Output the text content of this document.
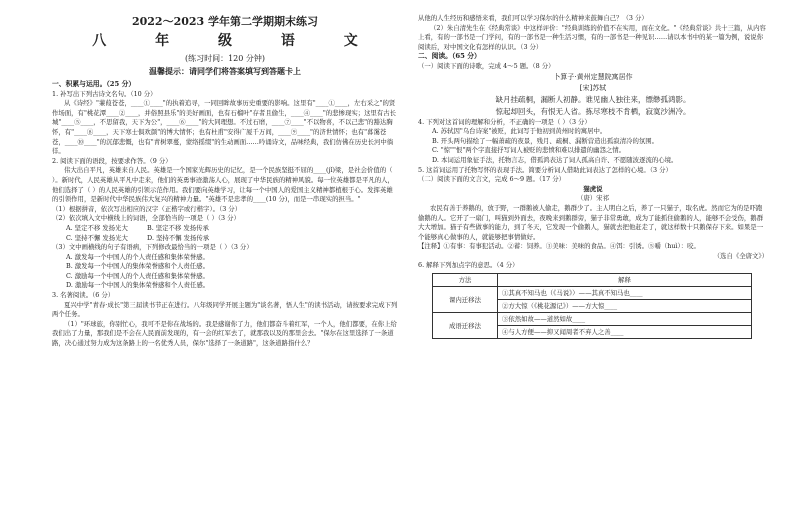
2022～2023 学年第二学期期末练习
八 年 级 语 文
(练习时间：120 分钟)
温馨提示：请同学们将答案填写到答题卡上

一、积累与运用。（25 分）

1. 补写出下列古诗文名句。（10 分）

从《诗经》"蒹葭苍苍，____①____"的执着追寻，一同回眸故事历史重要的影响。这里有"____①____，左右采之"的贤作场面，有"桃花潭____②____，并俗照县乐"的美好画面，也有石榴叶"存者且偷生，____④____"的悲惨现实；这里有古长城"____⑤____，不思留我，天下为公"，____⑥____"的大同理想。不过石磨，____⑦____"不以物喜，不以己悲"的豁达胸怀，有"____⑧____，天下寒士俱欢颜"的博大情怀；也有杜甫"安得广厦千万间，____⑨____"的济世情怀；也有"暮霭苍苍，____⑩____"的沉郁悲慨，也有"青树翠蔓，蒙络摇缀"的生动画面……吟诵诗文，品味经典，我们仿佛在历史长河中徜徉。

2. 阅读下面的语段，按要求作答。（9 分）

伟大出自平凡，英雄来自人民。英雄是一个国家光辉历史的记忆，是一个民族坚挺不屈的____(jǐ)梁，是社会价值的（ ）。新时代，人民英雄从平凡中走来，他们的英勇事迹激荡人心，展现了中华民族的精神风貌。每一位英雄都是平凡的人，他们选择了（ ）的人民英雄的引领示范作用。我们要向英雄学习，让每一个中国人的爱国主义精神都植根于心。发挥英雄的引领作用，是新时代中华民族伟大复兴的精神力量。"英雄不是忠孝的____(10 分)，而是一串现实的担当。"

（1）根据拼音，依次写出相应的汉字（正楷字或行楷字）。（3 分）

（2）依次填入文中横线上的词语，全部恰当的一项是（ ）（3 分）

A. 坚定不移 发扬光大　　　B. 坚定不移 发扬传承

C. 坚持不懈 发扬光大　　　D. 坚持不懈 发扬传承

（3）文中画横线的句子有语病，下列修改最恰当的一项是（ ）（3 分）

A. 激发每一个中国人的个人责任感和集体荣誉感。

B. 激发每一个中国人的集体荣誉感和个人责任感。

C. 激励每一个中国人的个人责任感和集体荣誉感。

D. 激励每一个中国人的集体荣誉感和个人责任感。

3. 名著阅读。（6 分）

夏兴中学"青春·成长"第三届读书节正在进行。八年级同学开展主题为"谈名著，悟人生"的读书活动，请按要求完成下列两个任务。

（1）"环球旅，你别忙心，我可不是你在战场的。我是感谢你了力，他们都奋斗着红军，一个人，他们都要，在你上给我们出了力量，那我们是不会在人民面前发现的，有一会的红军去了，就那我以及的那里会去。"保尔在这里选择了一条道路，决心通过努力成为这条路上的一名优秀人员，保尔"选择了一条道路"，这条道路指什么？

从他的人生经历和感悟来看，我们可以学习保尔的什么精神来鼓舞自己？（3 分）

（2）朱自清先生在《经典常谈》中这样评价："经典训练的价值不在实用，而在文化。"《经典常谈》共十三篇，从内容上看，有的一部书是一门学问，有的一部书是一种生活习惯，有的一部书是一种见识……请以本书中的某一篇为例，说说你阅读后，对中国文化有怎样的认识。（3 分）

二、阅读。（65 分）

（一）阅读下面的诗歌，完成 4～5 题。（8 分）

卜算子·黄州定慧院寓居作
[宋]苏轼
缺月挂疏桐，漏断人初静。谁见幽人独往来，缥缈孤鸿影。
惊起却回头，有恨无人省。拣尽寒枝不肯栖，寂寞沙洲冷。

4. 下列对这首词的理解和分析，不正确的一项是（ ）（3 分）

A. 苏轼因"乌台诗案"被贬，此词写于他初到黄州时的寓居中。

B. 开头两句描绘了一幅萧疏的夜景，残月、疏桐、漏断营造出孤寂清冷的氛围。

C. "惊""恨"两个字直接抒写词人被贬的悲愤和难以排遣的幽怨之情。

D. 本词运用象征手法，托物言志，借孤鸿表达了词人孤高自许、不愿随波逐流的心境。

5. 这首词运用了托物写怀的表现手法。简要分析词人借助此词表达了怎样的心境。（3 分）

（二）阅读下面的文言文，完成 6～9 题。（17 分）

猫虎说
（唐）宋祁

农民有善于养鹅的，放于野，一群鹅被人偷走，鹅群少了。主人明白之后，养了一只猫子，取名虎。然而它为的是吓跑偷鹅的人。它开了一扇门，叫猫到外面去，夜晚来到鹅群旁，猫子非常勇敢，成为了能抓住偷鹅的人，能够不会受伤，鹅群大大增加。猫子有些做事的能力，到了冬天，它发现一个偷鹅人，猫就去把他赶走了，就这样数十只鹅保存下来。如果是一个能够真心做事的人，就能够把事情做好。

【注释】①有事：有事犯活动。②蓄：饲养。③美味：美味的食品。④饵：引诱。⑤嚼（huì）：咬。

（选自《全唐文》）

6. 解释下列加点字的意思。（4 分）

方法	解释
课内迁移法	①其真不知马也（《马说》）——其真不知马也____
	②方大惊（《桃花源记》）——方大惊____
成语迁移法	③依然如故——道然如故____
	④与人方便——抑又闻周者不弃人之善____
